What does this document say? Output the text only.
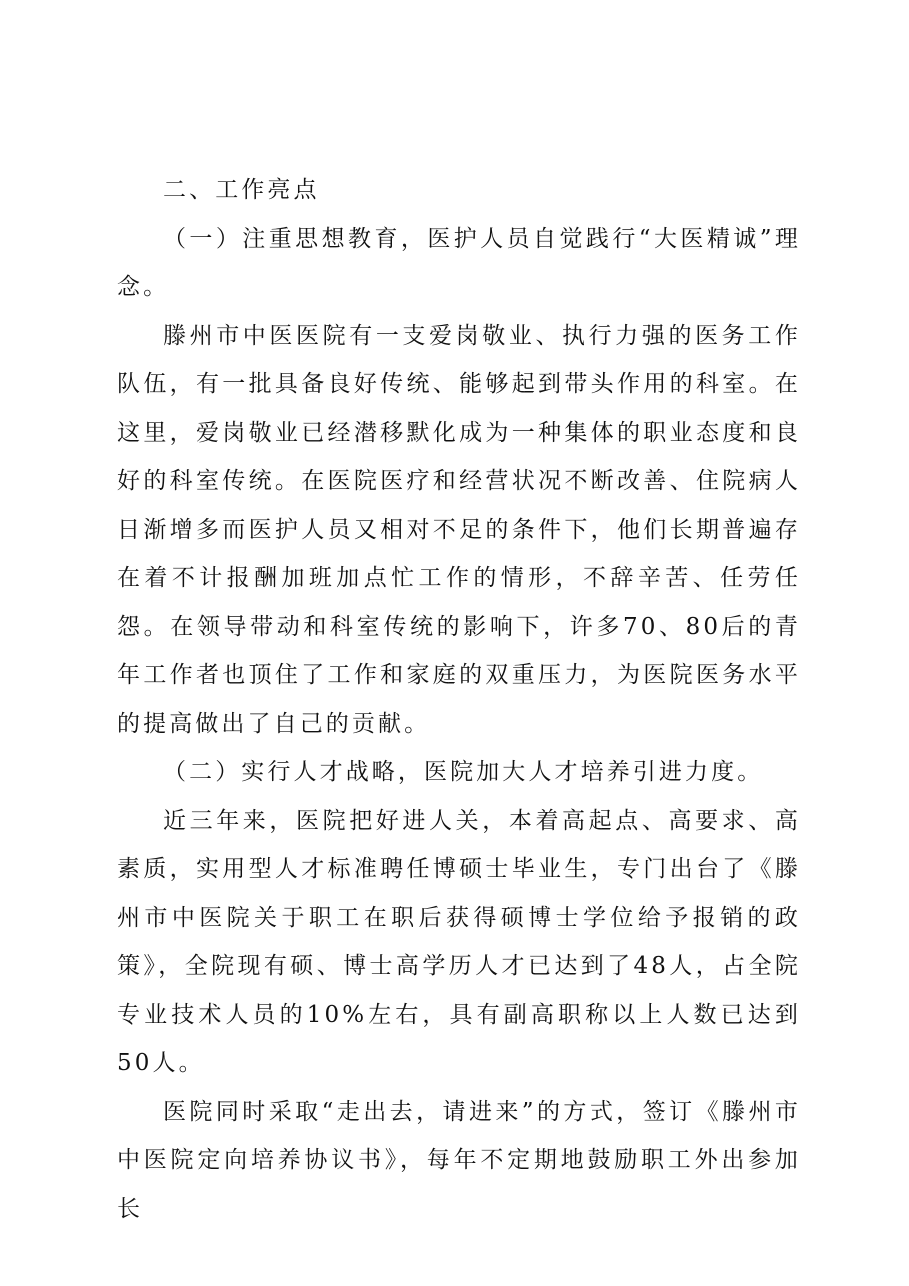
二、工作亮点

（一）注重思想教育，医护人员自觉践行“大医精诚”理念。

滕州市中医医院有一支爱岗敬业、执行力强的医务工作队伍，有一批具备良好传统、能够起到带头作用的科室。在这里，爱岗敬业已经潜移默化成为一种集体的职业态度和良好的科室传统。在医院医疗和经营状况不断改善、住院病人日渐增多而医护人员又相对不足的条件下，他们长期普遍存在着不计报酬加班加点忙工作的情形，不辞辛苦、任劳任怨。在领导带动和科室传统的影响下，许多70、80后的青年工作者也顶住了工作和家庭的双重压力，为医院医务水平的提高做出了自己的贡献。

（二）实行人才战略，医院加大人才培养引进力度。

近三年来，医院把好进人关，本着高起点、高要求、高素质，实用型人才标准聘任博硕士毕业生，专门出台了《滕州市中医院关于职工在职后获得硕博士学位给予报销的政策》，全院现有硕、博士高学历人才已达到了48人，占全院专业技术人员的10%左右，具有副高职称以上人数已达到50人。

医院同时采取“走出去，请进来”的方式，签订《滕州市中医院定向培养协议书》，每年不定期地鼓励职工外出参加长
